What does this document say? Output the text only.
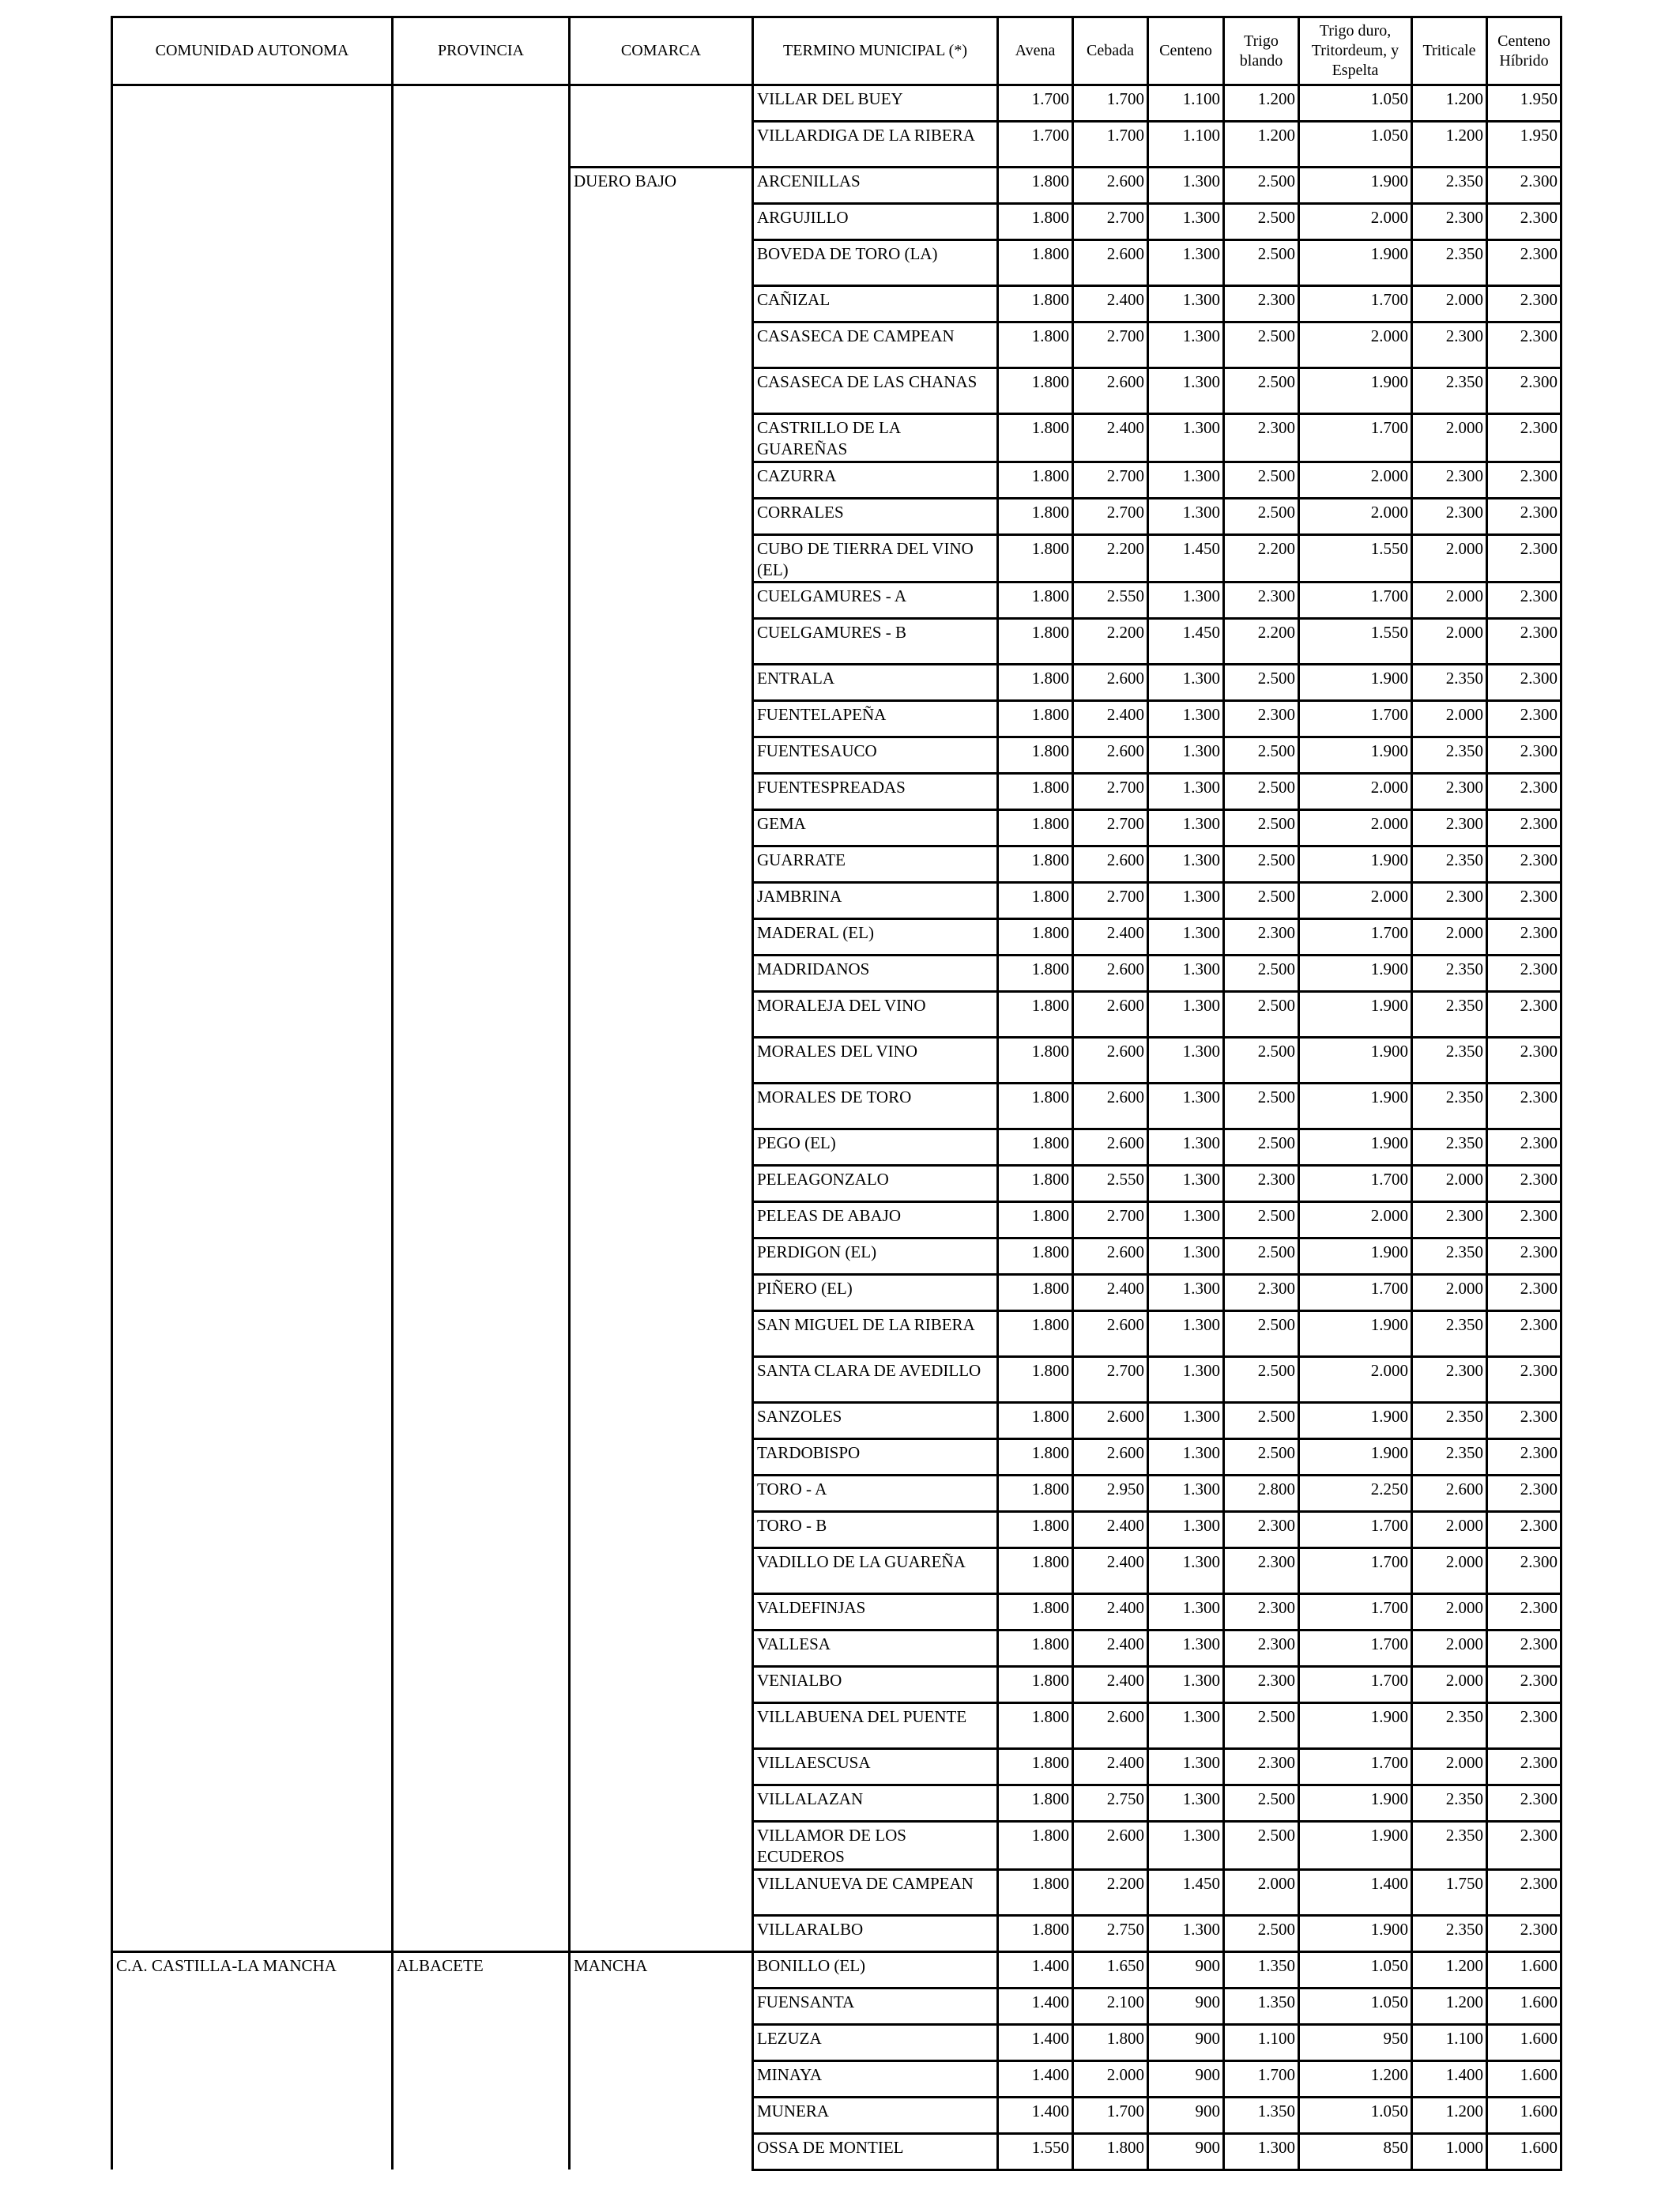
COMUNIDAD AUTONOMA	PROVINCIA	COMARCA	TERMINO MUNICIPAL (*)	Avena	Cebada	Centeno	Trigo blando	Trigo duro, Tritordeum, y Espelta	Triticale	Centeno Híbrido
			VILLAR DEL BUEY	1.700	1.700	1.100	1.200	1.050	1.200	1.950
			VILLARDIGA DE LA RIBERA	1.700	1.700	1.100	1.200	1.050	1.200	1.950
		DUERO BAJO	ARCENILLAS	1.800	2.600	1.300	2.500	1.900	2.350	2.300
			ARGUJILLO	1.800	2.700	1.300	2.500	2.000	2.300	2.300
			BOVEDA DE TORO (LA)	1.800	2.600	1.300	2.500	1.900	2.350	2.300
			CAÑIZAL	1.800	2.400	1.300	2.300	1.700	2.000	2.300
			CASASECA DE CAMPEAN	1.800	2.700	1.300	2.500	2.000	2.300	2.300
			CASASECA DE LAS CHANAS	1.800	2.600	1.300	2.500	1.900	2.350	2.300
			CASTRILLO DE LA GUAREÑAS	1.800	2.400	1.300	2.300	1.700	2.000	2.300
			CAZURRA	1.800	2.700	1.300	2.500	2.000	2.300	2.300
			CORRALES	1.800	2.700	1.300	2.500	2.000	2.300	2.300
			CUBO DE TIERRA DEL VINO (EL)	1.800	2.200	1.450	2.200	1.550	2.000	2.300
			CUELGAMURES - A	1.800	2.550	1.300	2.300	1.700	2.000	2.300
			CUELGAMURES - B	1.800	2.200	1.450	2.200	1.550	2.000	2.300
			ENTRALA	1.800	2.600	1.300	2.500	1.900	2.350	2.300
			FUENTELAPEÑA	1.800	2.400	1.300	2.300	1.700	2.000	2.300
			FUENTESAUCO	1.800	2.600	1.300	2.500	1.900	2.350	2.300
			FUENTESPREADAS	1.800	2.700	1.300	2.500	2.000	2.300	2.300
			GEMA	1.800	2.700	1.300	2.500	2.000	2.300	2.300
			GUARRATE	1.800	2.600	1.300	2.500	1.900	2.350	2.300
			JAMBRINA	1.800	2.700	1.300	2.500	2.000	2.300	2.300
			MADERAL (EL)	1.800	2.400	1.300	2.300	1.700	2.000	2.300
			MADRIDANOS	1.800	2.600	1.300	2.500	1.900	2.350	2.300
			MORALEJA DEL VINO	1.800	2.600	1.300	2.500	1.900	2.350	2.300
			MORALES DEL VINO	1.800	2.600	1.300	2.500	1.900	2.350	2.300
			MORALES DE TORO	1.800	2.600	1.300	2.500	1.900	2.350	2.300
			PEGO (EL)	1.800	2.600	1.300	2.500	1.900	2.350	2.300
			PELEAGONZALO	1.800	2.550	1.300	2.300	1.700	2.000	2.300
			PELEAS DE ABAJO	1.800	2.700	1.300	2.500	2.000	2.300	2.300
			PERDIGON (EL)	1.800	2.600	1.300	2.500	1.900	2.350	2.300
			PIÑERO (EL)	1.800	2.400	1.300	2.300	1.700	2.000	2.300
			SAN MIGUEL DE LA RIBERA	1.800	2.600	1.300	2.500	1.900	2.350	2.300
			SANTA CLARA DE AVEDILLO	1.800	2.700	1.300	2.500	2.000	2.300	2.300
			SANZOLES	1.800	2.600	1.300	2.500	1.900	2.350	2.300
			TARDOBISPO	1.800	2.600	1.300	2.500	1.900	2.350	2.300
			TORO - A	1.800	2.950	1.300	2.800	2.250	2.600	2.300
			TORO - B	1.800	2.400	1.300	2.300	1.700	2.000	2.300
			VADILLO DE LA GUAREÑA	1.800	2.400	1.300	2.300	1.700	2.000	2.300
			VALDEFINJAS	1.800	2.400	1.300	2.300	1.700	2.000	2.300
			VALLESA	1.800	2.400	1.300	2.300	1.700	2.000	2.300
			VENIALBO	1.800	2.400	1.300	2.300	1.700	2.000	2.300
			VILLABUENA DEL PUENTE	1.800	2.600	1.300	2.500	1.900	2.350	2.300
			VILLAESCUSA	1.800	2.400	1.300	2.300	1.700	2.000	2.300
			VILLALAZAN	1.800	2.750	1.300	2.500	1.900	2.350	2.300
			VILLAMOR DE LOS ECUDEROS	1.800	2.600	1.300	2.500	1.900	2.350	2.300
			VILLANUEVA DE CAMPEAN	1.800	2.200	1.450	2.000	1.400	1.750	2.300
			VILLARALBO	1.800	2.750	1.300	2.500	1.900	2.350	2.300
C.A. CASTILLA-LA MANCHA	ALBACETE	MANCHA	BONILLO (EL)	1.400	1.650	900	1.350	1.050	1.200	1.600
			FUENSANTA	1.400	2.100	900	1.350	1.050	1.200	1.600
			LEZUZA	1.400	1.800	900	1.100	950	1.100	1.600
			MINAYA	1.400	2.000	900	1.700	1.200	1.400	1.600
			MUNERA	1.400	1.700	900	1.350	1.050	1.200	1.600
			OSSA DE MONTIEL	1.550	1.800	900	1.300	850	1.000	1.600
